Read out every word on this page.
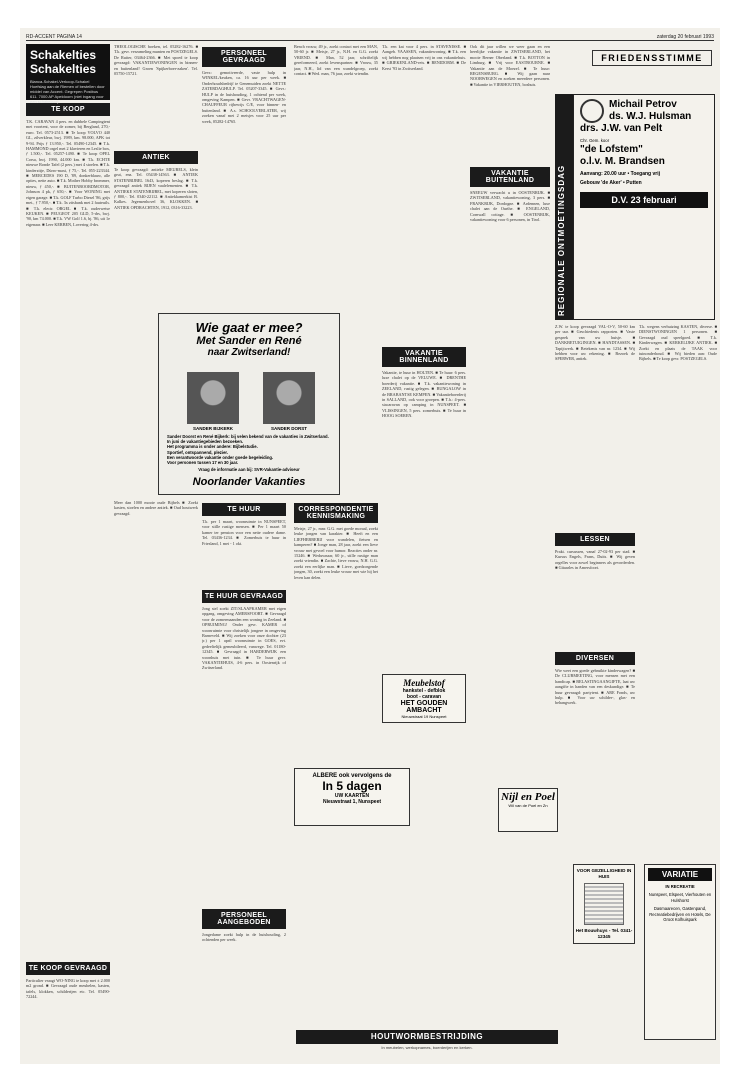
RD-ACCENT PAGINA 14	zaterdag 20 februari 1993
FRIEDENSSTIMME
Schakelties Schakelties
Bianca-Schakel-Verkoop-Schakel Hoefslag aan de Riemen of bestellen door middel van Accent. Gegrepen Postbus 611. 7000 AP Apeldoorn (niet ingang voor een schakelaar)
TE KOOP
T.K. CARAVAN 4 pers. en dubbele Campingtent met voortent, voor de zomer, bij Bergland, 270,- euro. Tel. 0573-2513. ■ Te koop VOLVO 440 GL, zilverkleur, bwj. 1989, km. 98.000, APK tot 9-94. Prijs ƒ 13.950,-. Tel. 05490-12345. ■ T.k. HAMMOND orgel met 2 klavieren en Leslie box, ƒ 1.500,-. Tel. 05257-1490. ■ Te koop OPEL Corsa, bwj. 1990, 44.000 km. ■ T.k. ECHTE nieuwe Ronde Tafel (2 pers.) met 4 stoelen. ■ T.k. kinderzitje, Dürro-maxi, ƒ 75,-. Tel. 055-223344. ■ MERCEDES 190 D, '89, donkerblauw, alle opties, nette auto. ■ T.k. Mother Hobby brommer, nieuw, ƒ 450,-. ■ BUITENBOORDMOTOR, Johnson 4 pk, ƒ 650,-. ■ Voor WONING met eigen garage. ■ T.k. GOLF Turbo Diesel '86, grijs met., ƒ 7.950,-. ■ T.k. 3x zitsbank met 2 fauteuils. ■ T.k. electr. ORGEL ■ T.k. ouderwetse KEUKEN. ■ PEUGEOT 205 GLD, 5-drs, bwj. '90, km 74.000. ■ T.k. VW Golf 1.6, bj. '86, uit 1e eigenaar. ■ Leer KERBEN, Lovering 4-drs.
TE KOOP GEVRAAGD
Particulier vraagt WO-NING te koop met ± 2.000 m2 grond. ■ Gevraagd oude meubelen, kasten, tafels, klokken, schilderijen etc. Tel. 05490-72244.
THEOLOGISCHE boeken, tel. 05282-16276. ■ T.k. gevr. verzameling munten en POSTZEGELS. De Ruiter, 03464-2366. ■ Met spoed te koop gevraagd: VAKANTIEWONINGEN in binnen- en buitenland! Groen 'Spijkerboer-zaken'. Tel. 05750-15721.
ANTIEK
Te koop gevraagd: antieke MEUBELS, klein grut, enz. Tel. 05438-14563. ■ ANTIEK STATENBIJBEL 1643, koperen beslag. ■ T.k. gevraagd antiek RIJEN vaalelementen. ■ T.k. ANTIEKE STATENBIJBEL, met koperen sloten, ƒ 800,-. Tel. 0340-22112. ■ Antiekkamerkist B. Kalkes. Jegensenhovel 36, KLOKKEN. ■ ANTIEK OPDRACHTEN, 1912, 0316-33223.
PERSONEEL GEVRAAGD
Gevr.: gemotiveerde, vaste hulp in WINKEL/keuken, ca. 16 uur per week. ■ Onderhoudsbedrijf te Genemuiden zoekt NETTE ZATERDAGHULP. Tel. 05207-3345. ■ Gevr.: HULP in de huishouding, 1 ochtend per week, omgeving Kampen. ■ Gevr. VRACHTWAGEN-CHAUFFEUR rijbewijs C/E, voor binnen- en buitenland. ■ A.s. SCHOOLVERLATER, wij zoeken vanaf mei 2 meisjes voor 25 uur per week, 05282-14765.
Wie gaat er mee?
Met Sander en René
naar Zwitserland!
SANDER BIJKERK	SANDER DORST
Sander Doorst en René Bijkerk: bij velen bekend van de vakanties in Zwitserland.
In juni de vakantiegebieden bezoeken.
Het programma is onder andere: Bijbelstudie.
Sportief, ontspannend, plezier.
Een verantwoorde vakantie onder goede begeleiding.
Voor personen tussen 17 en 30 jaar.
Vraag de informatie aan bij: SVR-Vakantie-adviseur
Noorlander Vakanties
Meer dan 1000 mooie oude Bijbels ■ Zoekt kasten, stoelen en andere antiek. ■ Oud houtwerk gevraagd.
TE HUUR
T.k. per 1 maart, woonruimte in NUNSPEET, voor stille rustige mensen. ■ Per 1 maart 50 kamer ter pension voor een nette oudere dame. Tel. 03436-1234. ■ Zomerhuis te huur in Friesland, 1 mei - 1 okt.
TE HUUR GEVRAAGD
Jong stel zoekt ZIT/SLAAPKAMER met eigen opgang, omgeving AMERSFOORT. ■ Gevraagd voor de zomermaanden een woning in Zeeland. ■ OPRUIMING! Onder gevr. KAMER of woonruimte voor christelijk jongere in omgeving Barneveld. ■ Wij zoeken voor onze dochter (23 jr.) per 1 april woonruimte in GOES, evt. gedeeltelijk gemeubileerd, vanwege. Tel. 01180-12345. ■ Gevraagd in HARDERWIJK een woonhuis met tuin. ■ Te huur gevr. VAKANTIEHUIS, 4-6 pers. in Oostenrijk of Zwitserland.
PERSONEEL AANGEBODEN
Jongedame zoekt hulp in de huishouding, 2 ochtenden per week.
Bench vrouw, 49 jr., zoekt contact met een MAN, 50-60 jr. ■ Meisje, 27 jr., N.H. en G.G. zoekt VRIEND. ■ Man, 52 jaar, schriftelijk gereformeerd, zoekt levenspartner. ■ Vrouw, 35 jaar, N.H., lid van een wandelgroep, zoekt contact. ■ Wed. man, 76 jaar, zoekt vriendin.
CORRESPONDENTIE KENNISMAKING
Meisje, 27 jr., mnr. G.G. met goede moraal, zoekt leuke jongen van karakter. ■ Heeft en een LIEFHEBBERIJ voor wandelen, fietsen en kamperen? ■ Jonge man, 28 jaar, zoekt een lieve vrouw met gevoel voor humor. Reacties onder nr. 15246. ■ Weduwnaar, 60 jr., stille rustige man zoekt vriendin. ■ Zachte, lieve vrouw, N.H. G.G. zoekt een eerlijke man. ■ Lieve, goedzorgende jongen, 30, zoekt een leuke vrouw met wie hij het leven kan delen.
ALBERE ook vervolgens de
In 5 dagen
UW KAARTEN
Nieuwstraat 1, Nunspeet
T.k. een kat voor 4 pers. in STAVENISSE. ■ Aangeb. VAASSEN, vakantiewoning. ■ T.k. een wij hebben nog plaatsen vrij in ons vakantiehuis. ■ GRIEKENLAND-reis. ■ BENIDORM. ■ De Kerst '93 in Zwitserland.
VAKANTIE BINNENLAND
Vakantie, te huur in HOLTEN. ■ Te huur: 6 pers. luxe chalet op de VELUWE. ■ DRENTHE boerderij vakantie. ■ T.k. vakantiewoning in ZEELAND, rustig gelegen. ■ BUNGALOW in de BRABANTSE KEMPEN. ■ Vakantieboerderij in SALLAND, ook voor groepen. ■ T.h.: 4-pers. stacaravan op camping in NUNSPEET. ■ VLISSINGEN, 5 pers. zomerhuis. ■ Te huur in HOOG SOEREN.
Meubelstof
hankstel - defblok
boot - caravan
HET GOUDEN AMBACHT
Nieuwstraat 19 Nunspeet
Ook dit jaar willen we weer gaan en een heerlijke vakantie in ZWITSERLAND, het mooie Berner Oberland. ■ T.k. BOTTON in Limburg. ■ Vrij voor EASTBOURNE. ■ Vakantie aan de Moezel. ■ Te huur: REGENSBURG. ■ Wij gaan naar NOORWEGEN en zoeken meerdere personen. ■ Vakantie in VIERHOUTEN, boshuis.
VAKANTIE BUITENLAND
SNEEUW verwacht u in OOSTENRIJK. ■ ZWITSERLAND, vakantiewoning, 3 pers. ■ FRANKRIJK, Dordogne. ■ Ardennen, luxe chalet aan de Ourthe. ■ ENGELAND, Cornwall cottage. ■ OOSTENRIJK, vakantiewoning voor 6 personen, in Tirol.
Nijl en Poel
Wil van de Poel en Zn
REGIONALE ONTMOETINGSDAG
Michail Petrov
ds. W.J. Hulsman
drs. J.W. van Pelt
Chr. Gem. koor
"de Lofstem"
o.l.v. M. Brandsen
Aanvang: 20.00 uur • Toegang vrij
Gebouw 'de Aker' • Putten
D.V. 23 februari
Z.W. te koop gevraagd VAL-O-V, 50-60 km per uur. ■ Geschiedenis rapporten. ■ Vaste gesprek van uw huisje. ■ DANKBETUIGINGEN. ■ HANDTASSEN. ■ Tapijtwerk. ■ Betekenis van nr. 1234. ■ Wij hebben voor uw rekening. ■ Bezoek de SPERWER, antiek.
LESSEN
Prakt. cursussen, vanaf 27-02-93 per stad. ■ Kursus Engels, Frans, Duits. ■ Wij geven orgelles voor zowel beginners als gevorderden. ■ Gitaarles in Amersfoort.
DIVERSEN
Wie weet een goede gebruikte kinderwagen? ■ De CLUBMEETING, voor mensen met een handicap. ■ BELASTINGAANGIFTE, laat uw aangifte in handen van een deskundige. ■ Te huur gevraagd: partytent. ■ ARE Fonds, uw hulp. ■ Voor uw schilder-, glas- en behangwerk.
T.k. wegens verhuizing KASTEN, diverse. ■ DIENSTWONINGEN 1 personen. ■ Gevraagd oud speelgoed. ■ T.k. Kinderwagen. ■ KERKELIJKE ANTIEK. ■ Zoekt en plaats de TAAK voor tuinonderhoud. ■ Wij bieden aan: Oude Bijbels. ■ Te koop gevr. POSTZEGELS.
VOOR GEZELLIGHEID IN HUIS
Het Bouwhuys - Tel. 0341-12345
VARIATIE
IN RECREATIE
Nunspeet, Elspeet, Vierhouten en Hulshorst
Dasmaarecen, Gastenpand, Recreatiebedrijven en Hotels, De Groot Kolhuispark
HOUTWORMBESTRIJDING
In meubelen, werkopnames, boerderijen en kerken.
